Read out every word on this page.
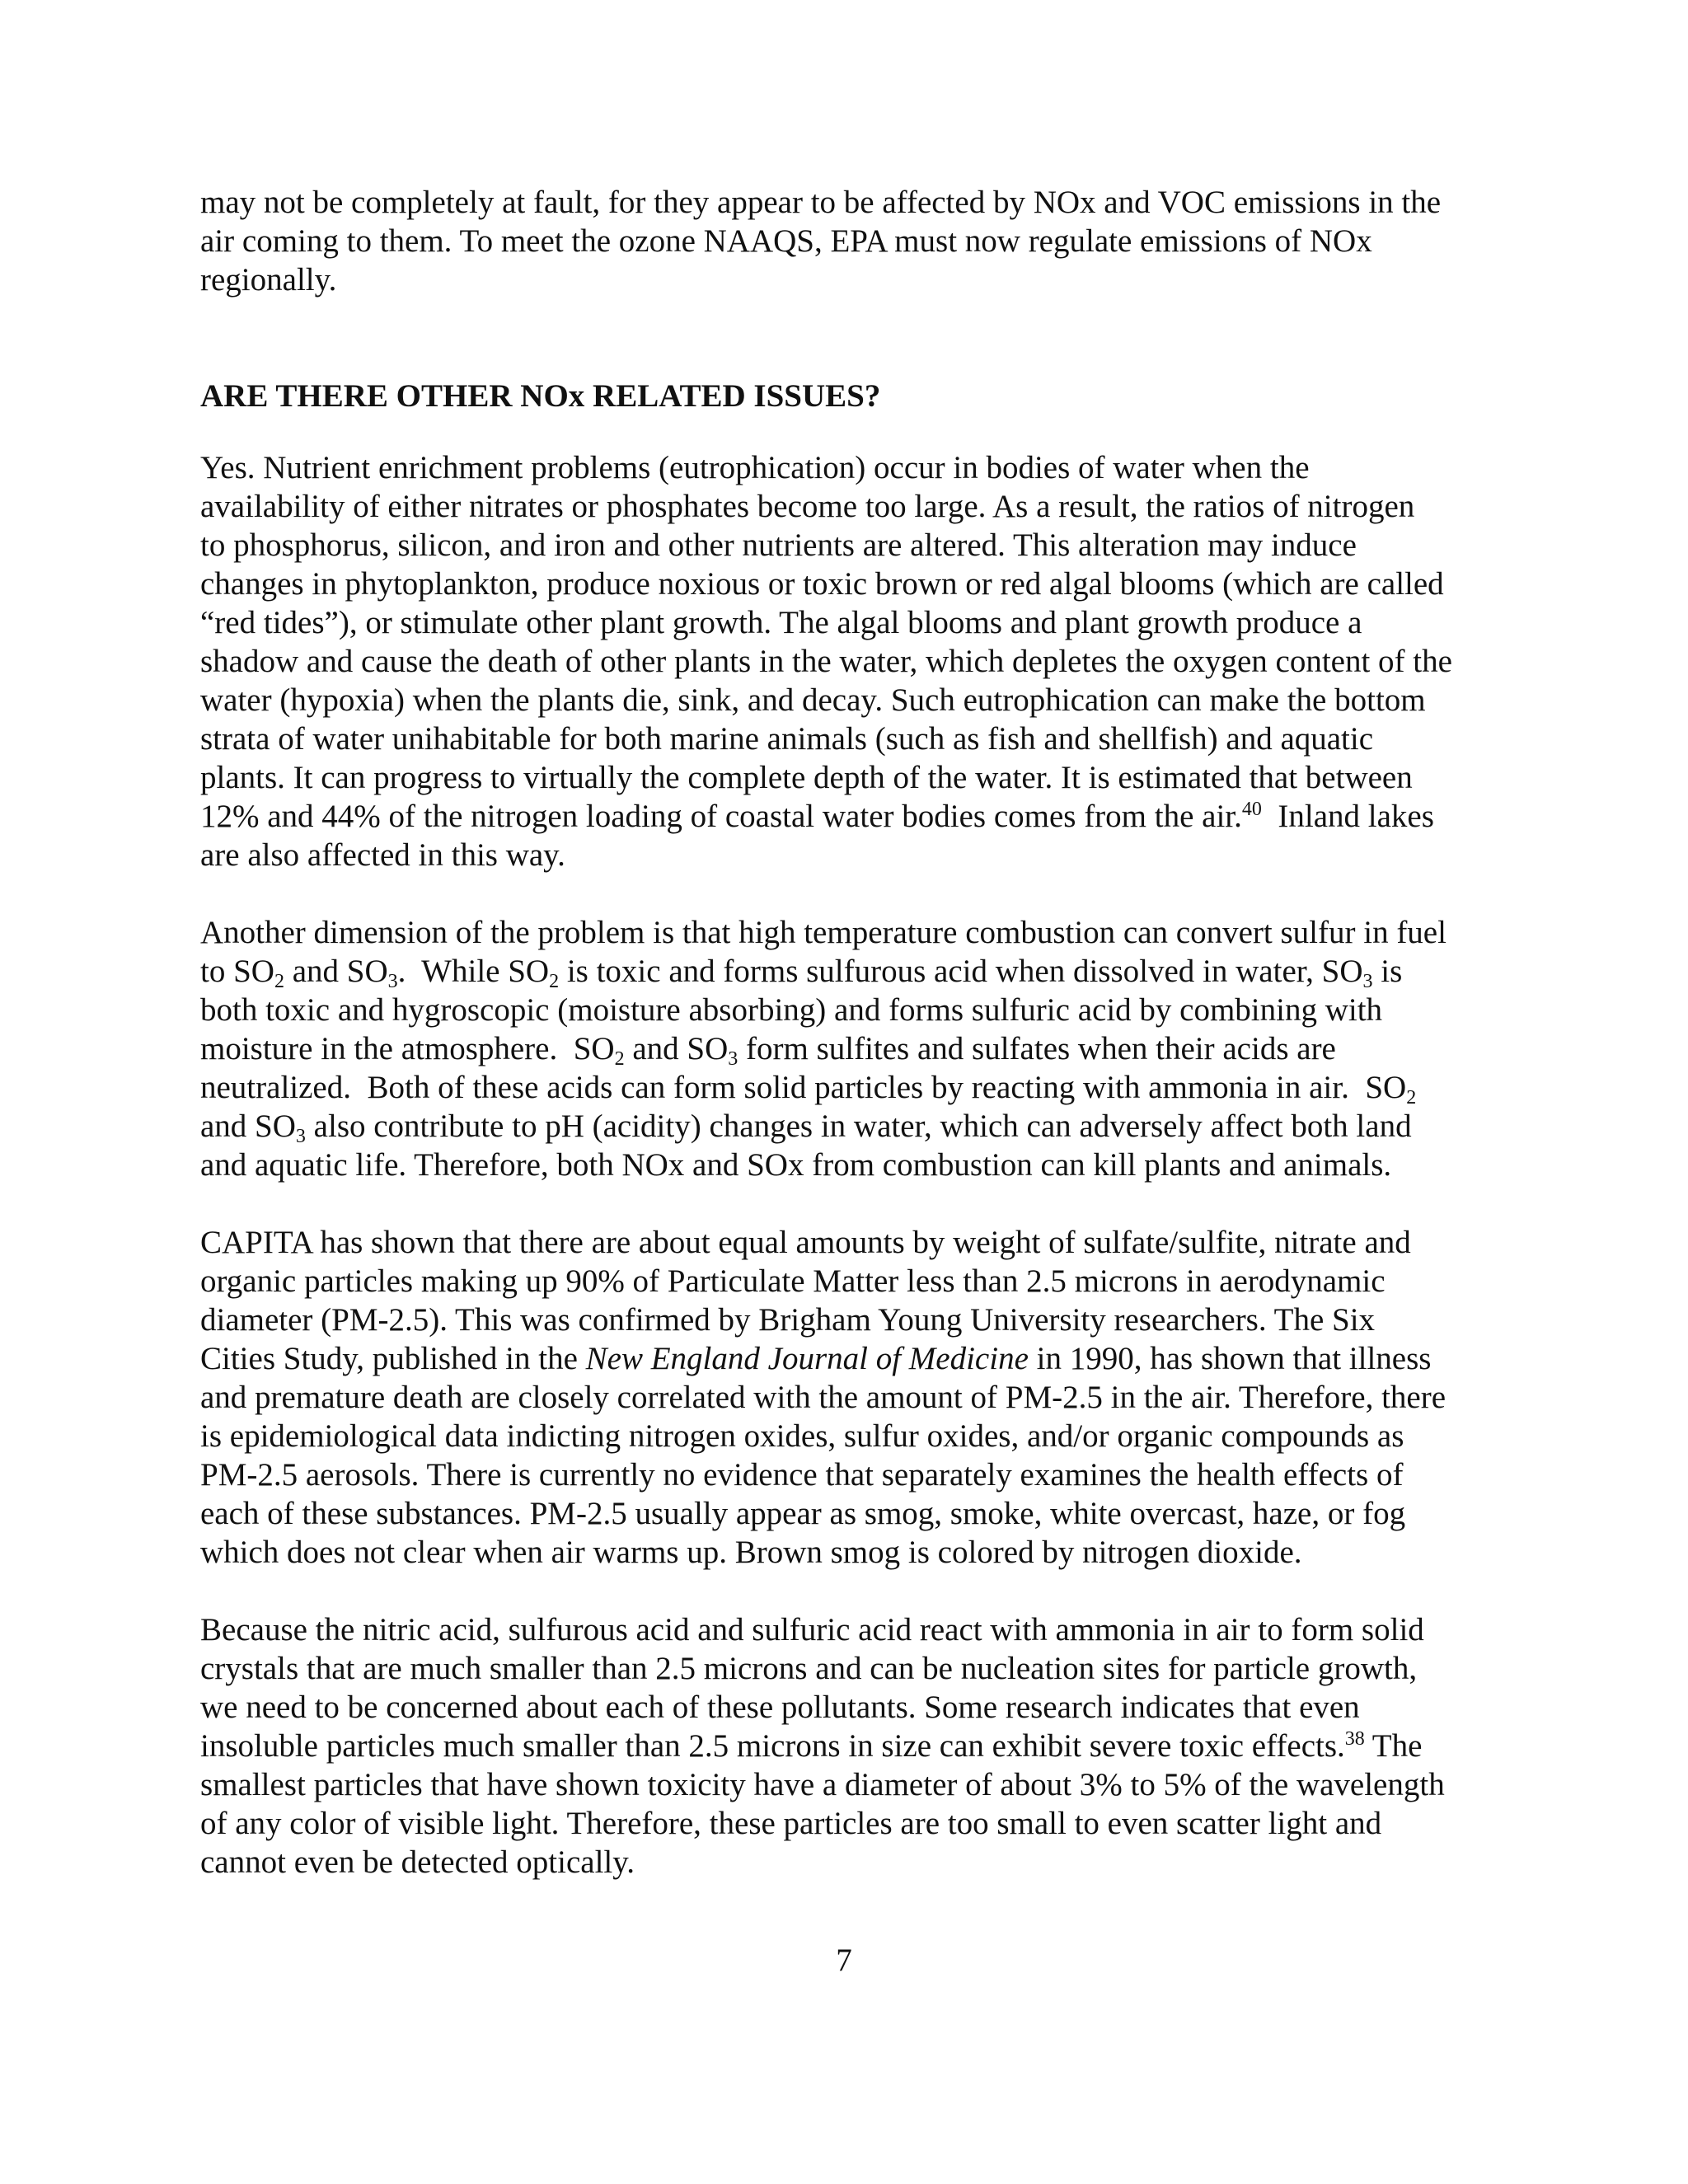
may not be completely at fault, for they appear to be affected by NOx and VOC emissions in the
air coming to them. To meet the ozone NAAQS, EPA must now regulate emissions of NOx
regionally.

ARE THERE OTHER NOx RELATED ISSUES?

Yes. Nutrient enrichment problems (eutrophication) occur in bodies of water when the
availability of either nitrates or phosphates become too large. As a result, the ratios of nitrogen
to phosphorus, silicon, and iron and other nutrients are altered. This alteration may induce
changes in phytoplankton, produce noxious or toxic brown or red algal blooms (which are called
“red tides”), or stimulate other plant growth. The algal blooms and plant growth produce a
shadow and cause the death of other plants in the water, which depletes the oxygen content of the
water (hypoxia) when the plants die, sink, and decay. Such eutrophication can make the bottom
strata of water unihabitable for both marine animals (such as fish and shellfish) and aquatic
plants. It can progress to virtually the complete depth of the water. It is estimated that between
12% and 44% of the nitrogen loading of coastal water bodies comes from the air.$^{40}$  Inland lakes
are also affected in this way.

Another dimension of the problem is that high temperature combustion can convert sulfur in fuel
to $SO_2$ and $SO_3$.  While $SO_2$ is toxic and forms sulfurous acid when dissolved in water, $SO_3$ is
both toxic and hygroscopic (moisture absorbing) and forms sulfuric acid by combining with
moisture in the atmosphere.  $SO_2$ and $SO_3$ form sulfites and sulfates when their acids are
neutralized.  Both of these acids can form solid particles by reacting with ammonia in air.  $SO_2$
and $SO_3$ also contribute to pH (acidity) changes in water, which can adversely affect both land
and aquatic life. Therefore, both NOx and SOx from combustion can kill plants and animals.

CAPITA has shown that there are about equal amounts by weight of sulfate/sulfite, nitrate and
organic particles making up 90% of Particulate Matter less than 2.5 microns in aerodynamic
diameter (PM-2.5). This was confirmed by Brigham Young University researchers. The Six
Cities Study, published in the New England Journal of Medicine in 1990, has shown that illness
and premature death are closely correlated with the amount of PM-2.5 in the air. Therefore, there
is epidemiological data indicting nitrogen oxides, sulfur oxides, and/or organic compounds as
PM-2.5 aerosols. There is currently no evidence that separately examines the health effects of
each of these substances. PM-2.5 usually appear as smog, smoke, white overcast, haze, or fog
which does not clear when air warms up. Brown smog is colored by nitrogen dioxide.

Because the nitric acid, sulfurous acid and sulfuric acid react with ammonia in air to form solid
crystals that are much smaller than 2.5 microns and can be nucleation sites for particle growth,
we need to be concerned about each of these pollutants. Some research indicates that even
insoluble particles much smaller than 2.5 microns in size can exhibit severe toxic effects.$^{38}$ The
smallest particles that have shown toxicity have a diameter of about 3% to 5% of the wavelength
of any color of visible light. Therefore, these particles are too small to even scatter light and
cannot even be detected optically.

7
